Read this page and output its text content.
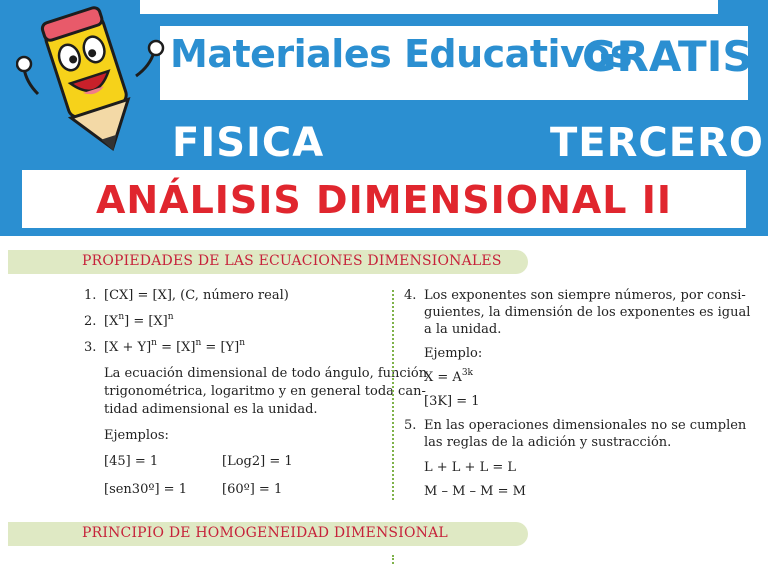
Materiales Educativos
GRATIS
FISICA	TERCERO
ANÁLISIS DIMENSIONAL II
PROPIEDADES DE LAS ECUACIONES DIMENSIONALES
1. [CX] = [X], (C, número real)
2. $[X^n] = [X]^n$
3. $[X + Y]^n = [X]^n = [Y]^n$
La ecuación dimensional de todo ángulo, función
trigonométrica, logaritmo y en general toda can-
tidad adimensional es la unidad.
Ejemplos:
[45] = 1	[Log2] = 1
[sen30º] = 1	[60º] = 1
4. Los exponentes son siempre números, por consi-
guientes, la dimensión de los exponentes es igual
a la unidad.
Ejemplo:
$X = A^{3k}$
[3K] = 1
5. En las operaciones dimensionales no se cumplen
las reglas de la adición y sustracción.
L + L + L = L
M – M – M = M
PRINCIPIO DE HOMOGENEIDAD DIMENSIONAL
